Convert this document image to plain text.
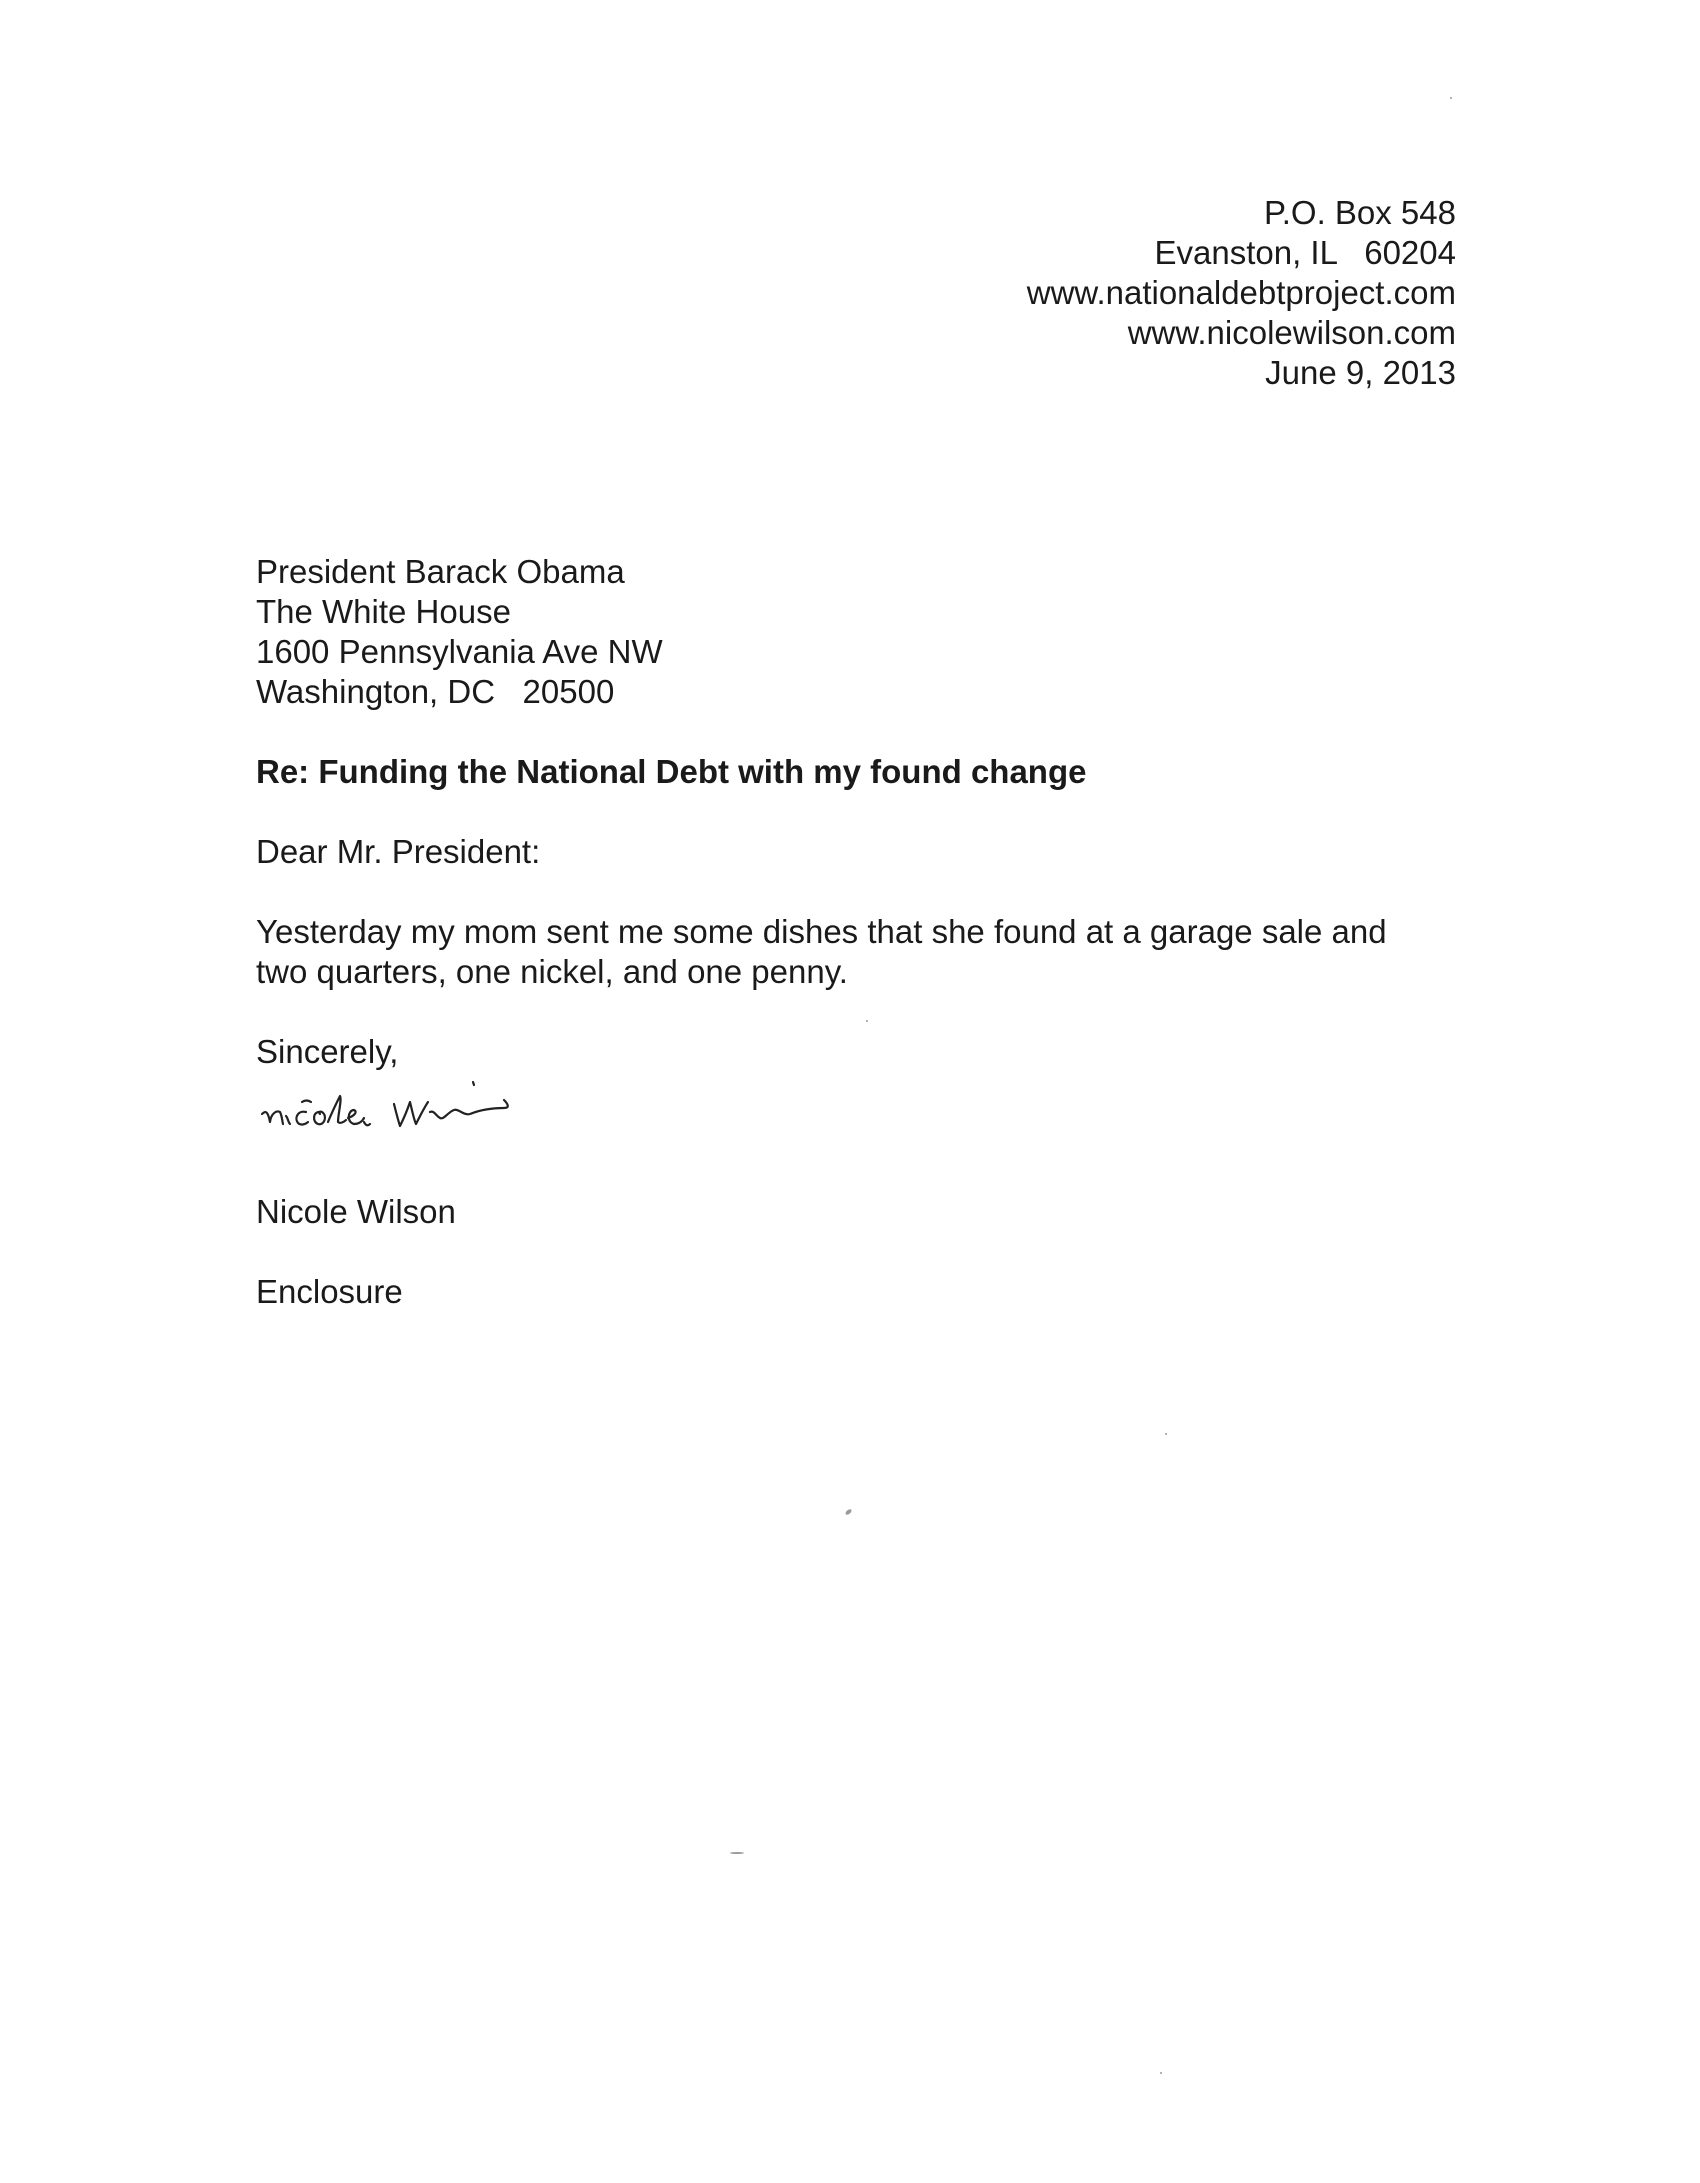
P.O. Box 548
Evanston, IL   60204
www.nationaldebtproject.com
www.nicolewilson.com
June 9, 2013
President Barack Obama
The White House
1600 Pennsylvania Ave NW
Washington, DC   20500

Re: Funding the National Debt with my found change

Dear Mr. President:

Yesterday my mom sent me some dishes that she found at a garage sale and
two quarters, one nickel, and one penny.

Sincerely,

Nicole Wilson

Enclosure
